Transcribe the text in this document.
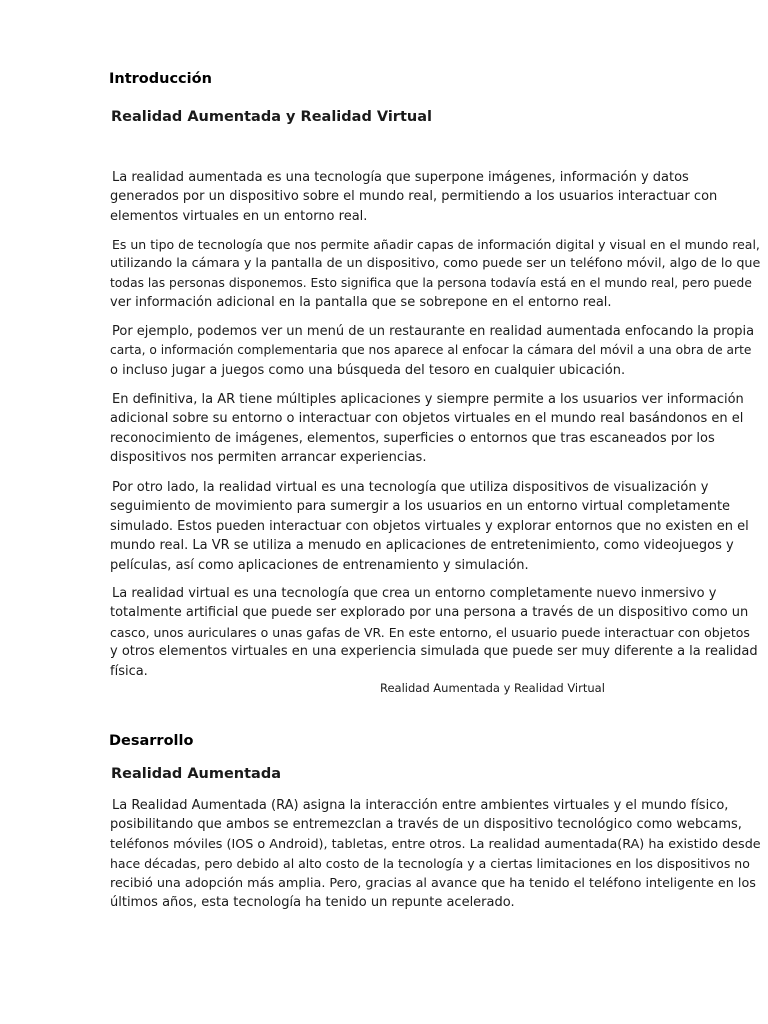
Introducción
Realidad Aumentada y Realidad Virtual
La realidad aumentada es una tecnología que superpone imágenes, información y datos
generados por un dispositivo sobre el mundo real, permitiendo a los usuarios interactuar con
elementos virtuales en un entorno real.
Es un tipo de tecnología que nos permite añadir capas de información digital y visual en el mundo real,
utilizando la cámara y la pantalla de un dispositivo, como puede ser un teléfono móvil, algo de lo que
todas las personas disponemos. Esto significa que la persona todavía está en el mundo real, pero puede
ver información adicional en la pantalla que se sobrepone en el entorno real.
Por ejemplo, podemos ver un menú de un restaurante en realidad aumentada enfocando la propia
carta, o información complementaria que nos aparece al enfocar la cámara del móvil a una obra de arte
o incluso jugar a juegos como una búsqueda del tesoro en cualquier ubicación.
En definitiva, la AR tiene múltiples aplicaciones y siempre permite a los usuarios ver información
adicional sobre su entorno o interactuar con objetos virtuales en el mundo real basándonos en el
reconocimiento de imágenes, elementos, superficies o entornos que tras escaneados por los
dispositivos nos permiten arrancar experiencias.
Por otro lado, la realidad virtual es una tecnología que utiliza dispositivos de visualización y
seguimiento de movimiento para sumergir a los usuarios en un entorno virtual completamente
simulado. Estos pueden interactuar con objetos virtuales y explorar entornos que no existen en el
mundo real. La VR se utiliza a menudo en aplicaciones de entretenimiento, como videojuegos y
películas, así como aplicaciones de entrenamiento y simulación.
La realidad virtual es una tecnología que crea un entorno completamente nuevo inmersivo y
totalmente artificial que puede ser explorado por una persona a través de un dispositivo como un
casco, unos auriculares o unas gafas de VR. En este entorno, el usuario puede interactuar con objetos
y otros elementos virtuales en una experiencia simulada que puede ser muy diferente a la realidad
física.
Realidad Aumentada y Realidad Virtual
Desarrollo
Realidad Aumentada
La Realidad Aumentada (RA) asigna la interacción entre ambientes virtuales y el mundo físico,
posibilitando que ambos se entremezclan a través de un dispositivo tecnológico como webcams,
teléfonos móviles (IOS o Android), tabletas, entre otros. La realidad aumentada(RA) ha existido desde
hace décadas, pero debido al alto costo de la tecnología y a ciertas limitaciones en los dispositivos no
recibió una adopción más amplia. Pero, gracias al avance que ha tenido el teléfono inteligente en los
últimos años, esta tecnología ha tenido un repunte acelerado.
